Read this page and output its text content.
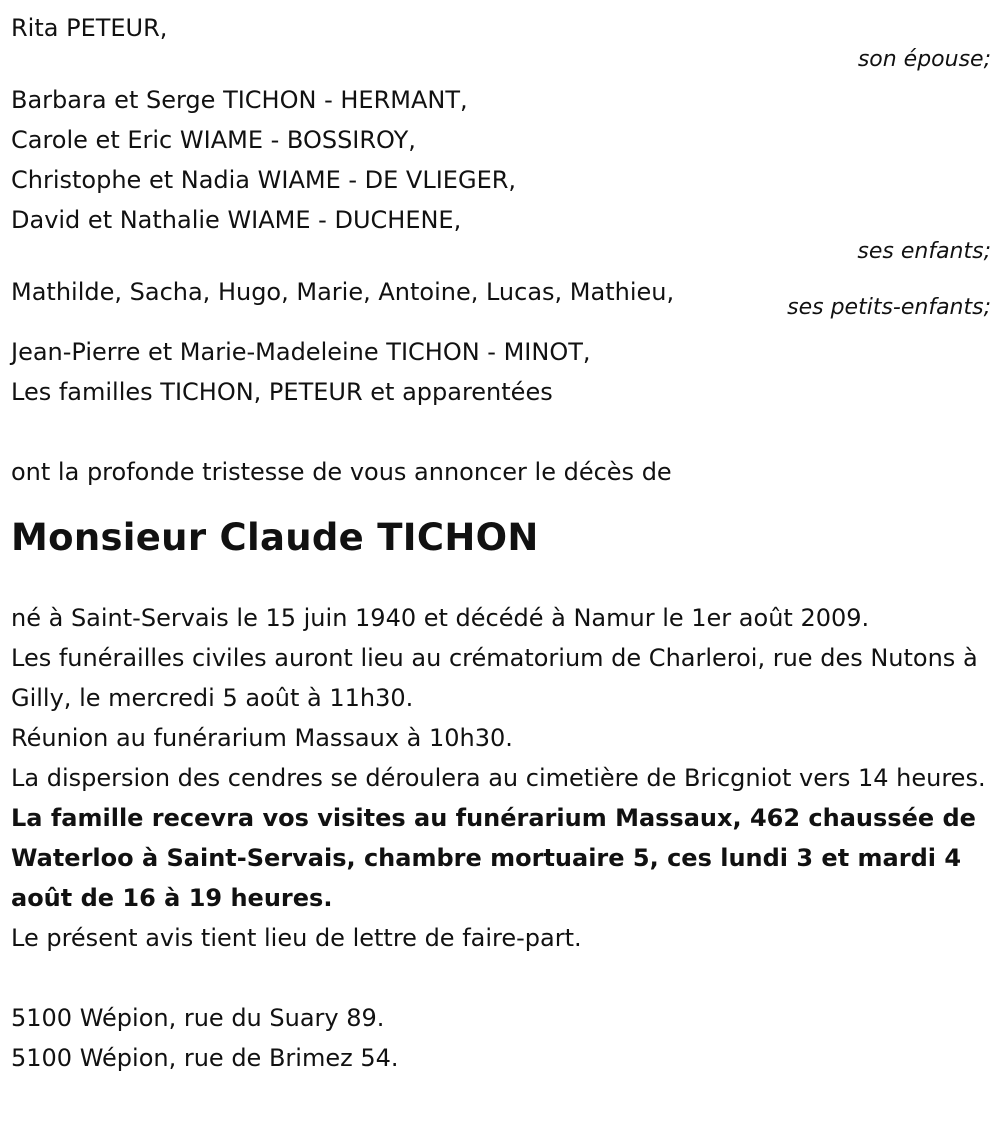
Rita PETEUR,

son épouse;

Barbara et Serge TICHON - HERMANT,

Carole et Eric WIAME - BOSSIROY,

Christophe et Nadia WIAME - DE VLIEGER,

David et Nathalie WIAME - DUCHENE,

ses enfants;

Mathilde, Sacha, Hugo, Marie, Antoine, Lucas, Mathieu,

ses petits-enfants;

Jean-Pierre et Marie-Madeleine TICHON - MINOT,

Les familles TICHON, PETEUR et apparentées

ont la profonde tristesse de vous annoncer le décès de

Monsieur Claude TICHON

né à Saint-Servais le 15 juin 1940 et décédé à Namur le 1er août 2009.

Les funérailles civiles auront lieu au crématorium de Charleroi, rue des Nutons à Gilly, le mercredi 5 août à 11h30.

Réunion au funérarium Massaux à 10h30.

La dispersion des cendres se déroulera au cimetière de Bricgniot vers 14 heures.

La famille recevra vos visites au funérarium Massaux, 462 chaussée de Waterloo à Saint-Servais, chambre mortuaire 5, ces lundi 3 et mardi 4 août de 16 à 19 heures.

Le présent avis tient lieu de lettre de faire-part.

5100 Wépion, rue du Suary 89.

5100 Wépion, rue de Brimez 54.
